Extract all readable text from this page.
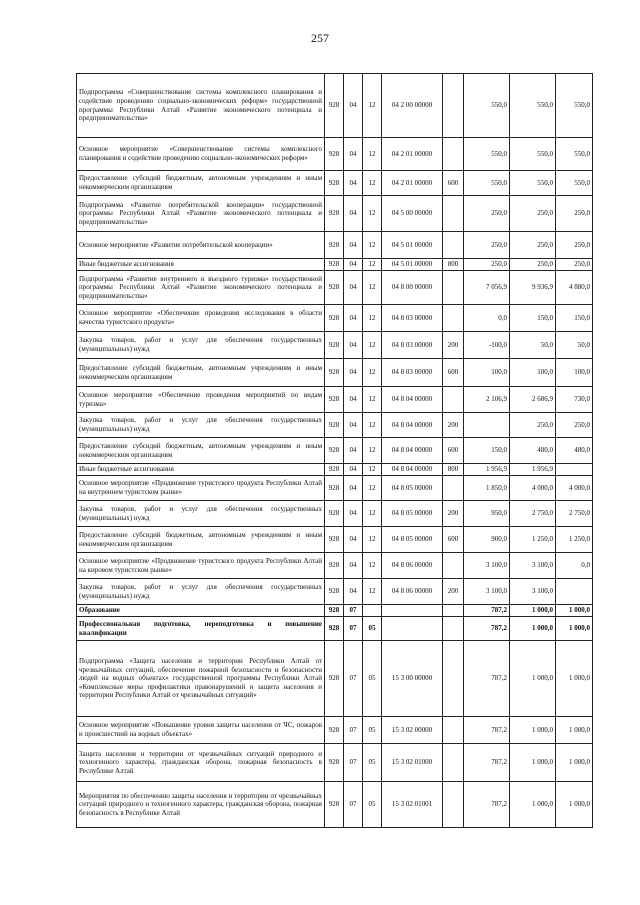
257
Подпрограмма «Совершенствование системы комплексного планирования и содействие проведению социально-экономических реформ» государственной программы Республики Алтай «Развитие экономического потенциала и предпринимательства»	928	04	12	04 2 00 00000		550,0	550,0	550,0
Основное мероприятие «Совершенствование системы комплексного планирования и содействие проведению социально-экономических реформ»	928	04	12	04 2 01 00000		550,0	550,0	550,0
Предоставление субсидий бюджетным, автономным учреждениям и иным некоммерческим организациям	928	04	12	04 2 01 00000	600	550,0	550,0	550,0
Подпрограмма «Развитие потребительской кооперации» государственной программы Республики Алтай «Развитие экономического потенциала и предпринимательства»	928	04	12	04 5 00 00000		250,0	250,0	250,0
Основное мероприятие «Развитие потребительской кооперации»	928	04	12	04 5 01 00000		250,0	250,0	250,0
Иные бюджетные ассигнования	928	04	12	04 5 01 00000	800	250,0	250,0	250,0
Подпрограмма «Развитие внутреннего и въездного туризма» государственной программы Республики Алтай «Развитие экономического потенциала и предпринимательства»	928	04	12	04 8 00 00000		7 056,9	9 936,9	4 880,0
Основное мероприятие «Обеспечение проведения исследования в области качества туристского продукта»	928	04	12	04 8 03 00000		0,0	150,0	150,0
Закупка товаров, работ и услуг для обеспечения государственных (муниципальных) нужд	928	04	12	04 8 03 00000	200	-100,0	50,0	50,0
Предоставление субсидий бюджетным, автономным учреждениям и иным некоммерческим организациям	928	04	12	04 8 03 00000	600	100,0	100,0	100,0
Основное мероприятие «Обеспечение проведения мероприятий по видам туризма»	928	04	12	04 8 04 00000		2 106,9	2 686,9	730,0
Закупка товаров, работ и услуг для обеспечения государственных (муниципальных) нужд	928	04	12	04 8 04 00000	200		250,0	250,0
Предоставление субсидий бюджетным, автономным учреждениям и иным некоммерческим организациям	928	04	12	04 8 04 00000	600	150,0	480,0	480,0
Иные бюджетные ассигнования	928	04	12	04 8 04 00000	800	1 956,9	1 956,9	
Основное мероприятие «Продвижение туристского продукта Республики Алтай на внутреннем туристском рынке»	928	04	12	04 8 05 00000		1 850,0	4 000,0	4 000,0
Закупка товаров, работ и услуг для обеспечения государственных (муниципальных) нужд	928	04	12	04 8 05 00000	200	950,0	2 750,0	2 750,0
Предоставление субсидий бюджетным, автономным учреждениям и иным некоммерческим организациям	928	04	12	04 8 05 00000	600	900,0	1 250,0	1 250,0
Основное мероприятие «Продвижение туристского продукта Республики Алтай на кировом туристском рынке»	928	04	12	04 8 06 00000		3 100,0	3 100,0	0,0
Закупка товаров, работ и услуг для обеспечения государственных (муниципальных) нужд	928	04	12	04 8 06 00000	200	3 100,0	3 100,0	
Образование	928	07				787,2	1 000,0	1 000,0
Профессиональная подготовка, переподготовка и повышение квалификации	928	07	05			787,2	1 000,0	1 000,0
Подпрограмма «Защита населения и территории Республики Алтай от чрезвычайных ситуаций, обеспечение пожарной безопасности и безопасности людей на водных объектах» государственной программы Республики Алтай «Комплексные меры профилактики правонарушений и защита населения и территории Республики Алтай от чрезвычайных ситуаций»	928	07	05	15 3 00 00000		787,2	1 000,0	1 000,0
Основное мероприятие «Повышение уровня защиты населения от ЧС, пожаров и происшествий на водных объектах»	928	07	05	15 3 02 00000		787,2	1 000,0	1 000,0
Защита населения и территории от чрезвычайных ситуаций природного и техногенного характера, гражданская оборона, пожарная безопасность в Республике Алтай	928	07	05	15 3 02 01000		787,2	1 000,0	1 000,0
Мероприятия по обеспечению защиты населения и территории от чрезвычайных ситуаций природного и техногенного характера, гражданская оборона, пожарная безопасность в Республике Алтай	928	07	05	15 3 02 01001		787,2	1 000,0	1 000,0
